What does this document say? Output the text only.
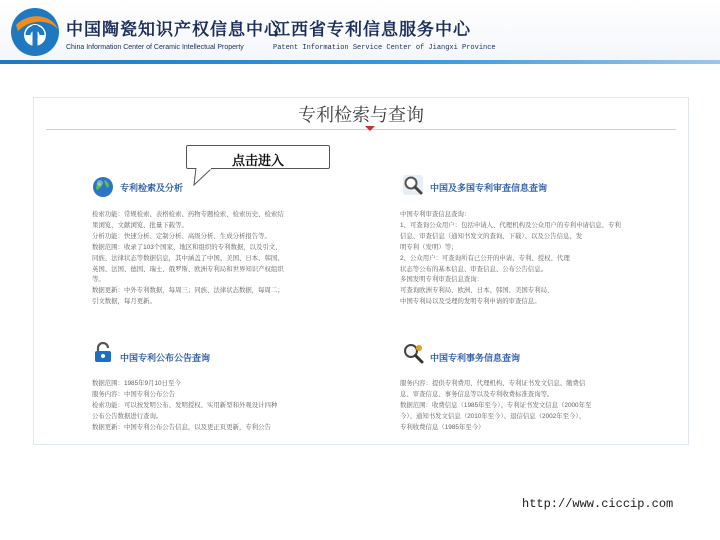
中国陶瓷知识产权信息中心
江西省专利信息服务中心
China Information Center of Ceramic Intellectual Property	Patent Information Service Center of Jiangxi Province
专利检索与查询
专利检索及分析
检索功能：常规检索、表格检索、药物专题检索、检索历史、检索结
果浏览、文献浏览、批量下载等。
分析功能：快速分析、定制分析、高级分析、生成分析报告等。
数据范围：收录了103个国家、地区和组织的专利数据，以及引文、
同族、法律状态等数据信息，其中涵盖了中国、美国、日本、韩国、
英国、法国、德国、瑞士、俄罗斯、欧洲专利局和世界知识产权组织
等。
数据更新：中外专利数据，每周三；同族、法律状态数据，每周二；
引文数据，每月更新。
中国及多国专利审查信息查询
中国专利审查信息查询：
1、可查询公众用户：包括申请人、代理机构及公众用户的专利申请信息、专利
信息、审查信息（通知书发文的查询、下载）、以及公告信息、发
明专利（发明）等；
2、公众用户：可查询所有已公开的申请、专利、授权、代理
状态等公布的基本信息、审查信息、公布公告信息。
多国发明专利审查信息查询：
可查询欧洲专利局、欧洲、日本、韩国、美国专利局、
中国专利局以及受理的发明专利申请的审查信息。
中国专利公布公告查询
数据范围：1985年9月10日至今
服务内容：中国专利公布公告
检索功能：可以按发明公布、发明授权、实用新型和外观设计四种
公布公告数据进行查询。
数据更新：中国专利公布公告信息，以及更正页更新，专利公告
中国专利事务信息查询
服务内容：提供专利费用、代理机构、专利证书发文信息、缴费信
息、审查信息、事务信息等以及专利收费标准查询等。
数据范围：收费信息（1985年至今）、专利证书发文信息（2000年至
今）、通知书发文信息（2010年至今）、退信信息（2002年至今）、
专利收费信息（1985年至今）
点击进入
http://www.ciccip.com
